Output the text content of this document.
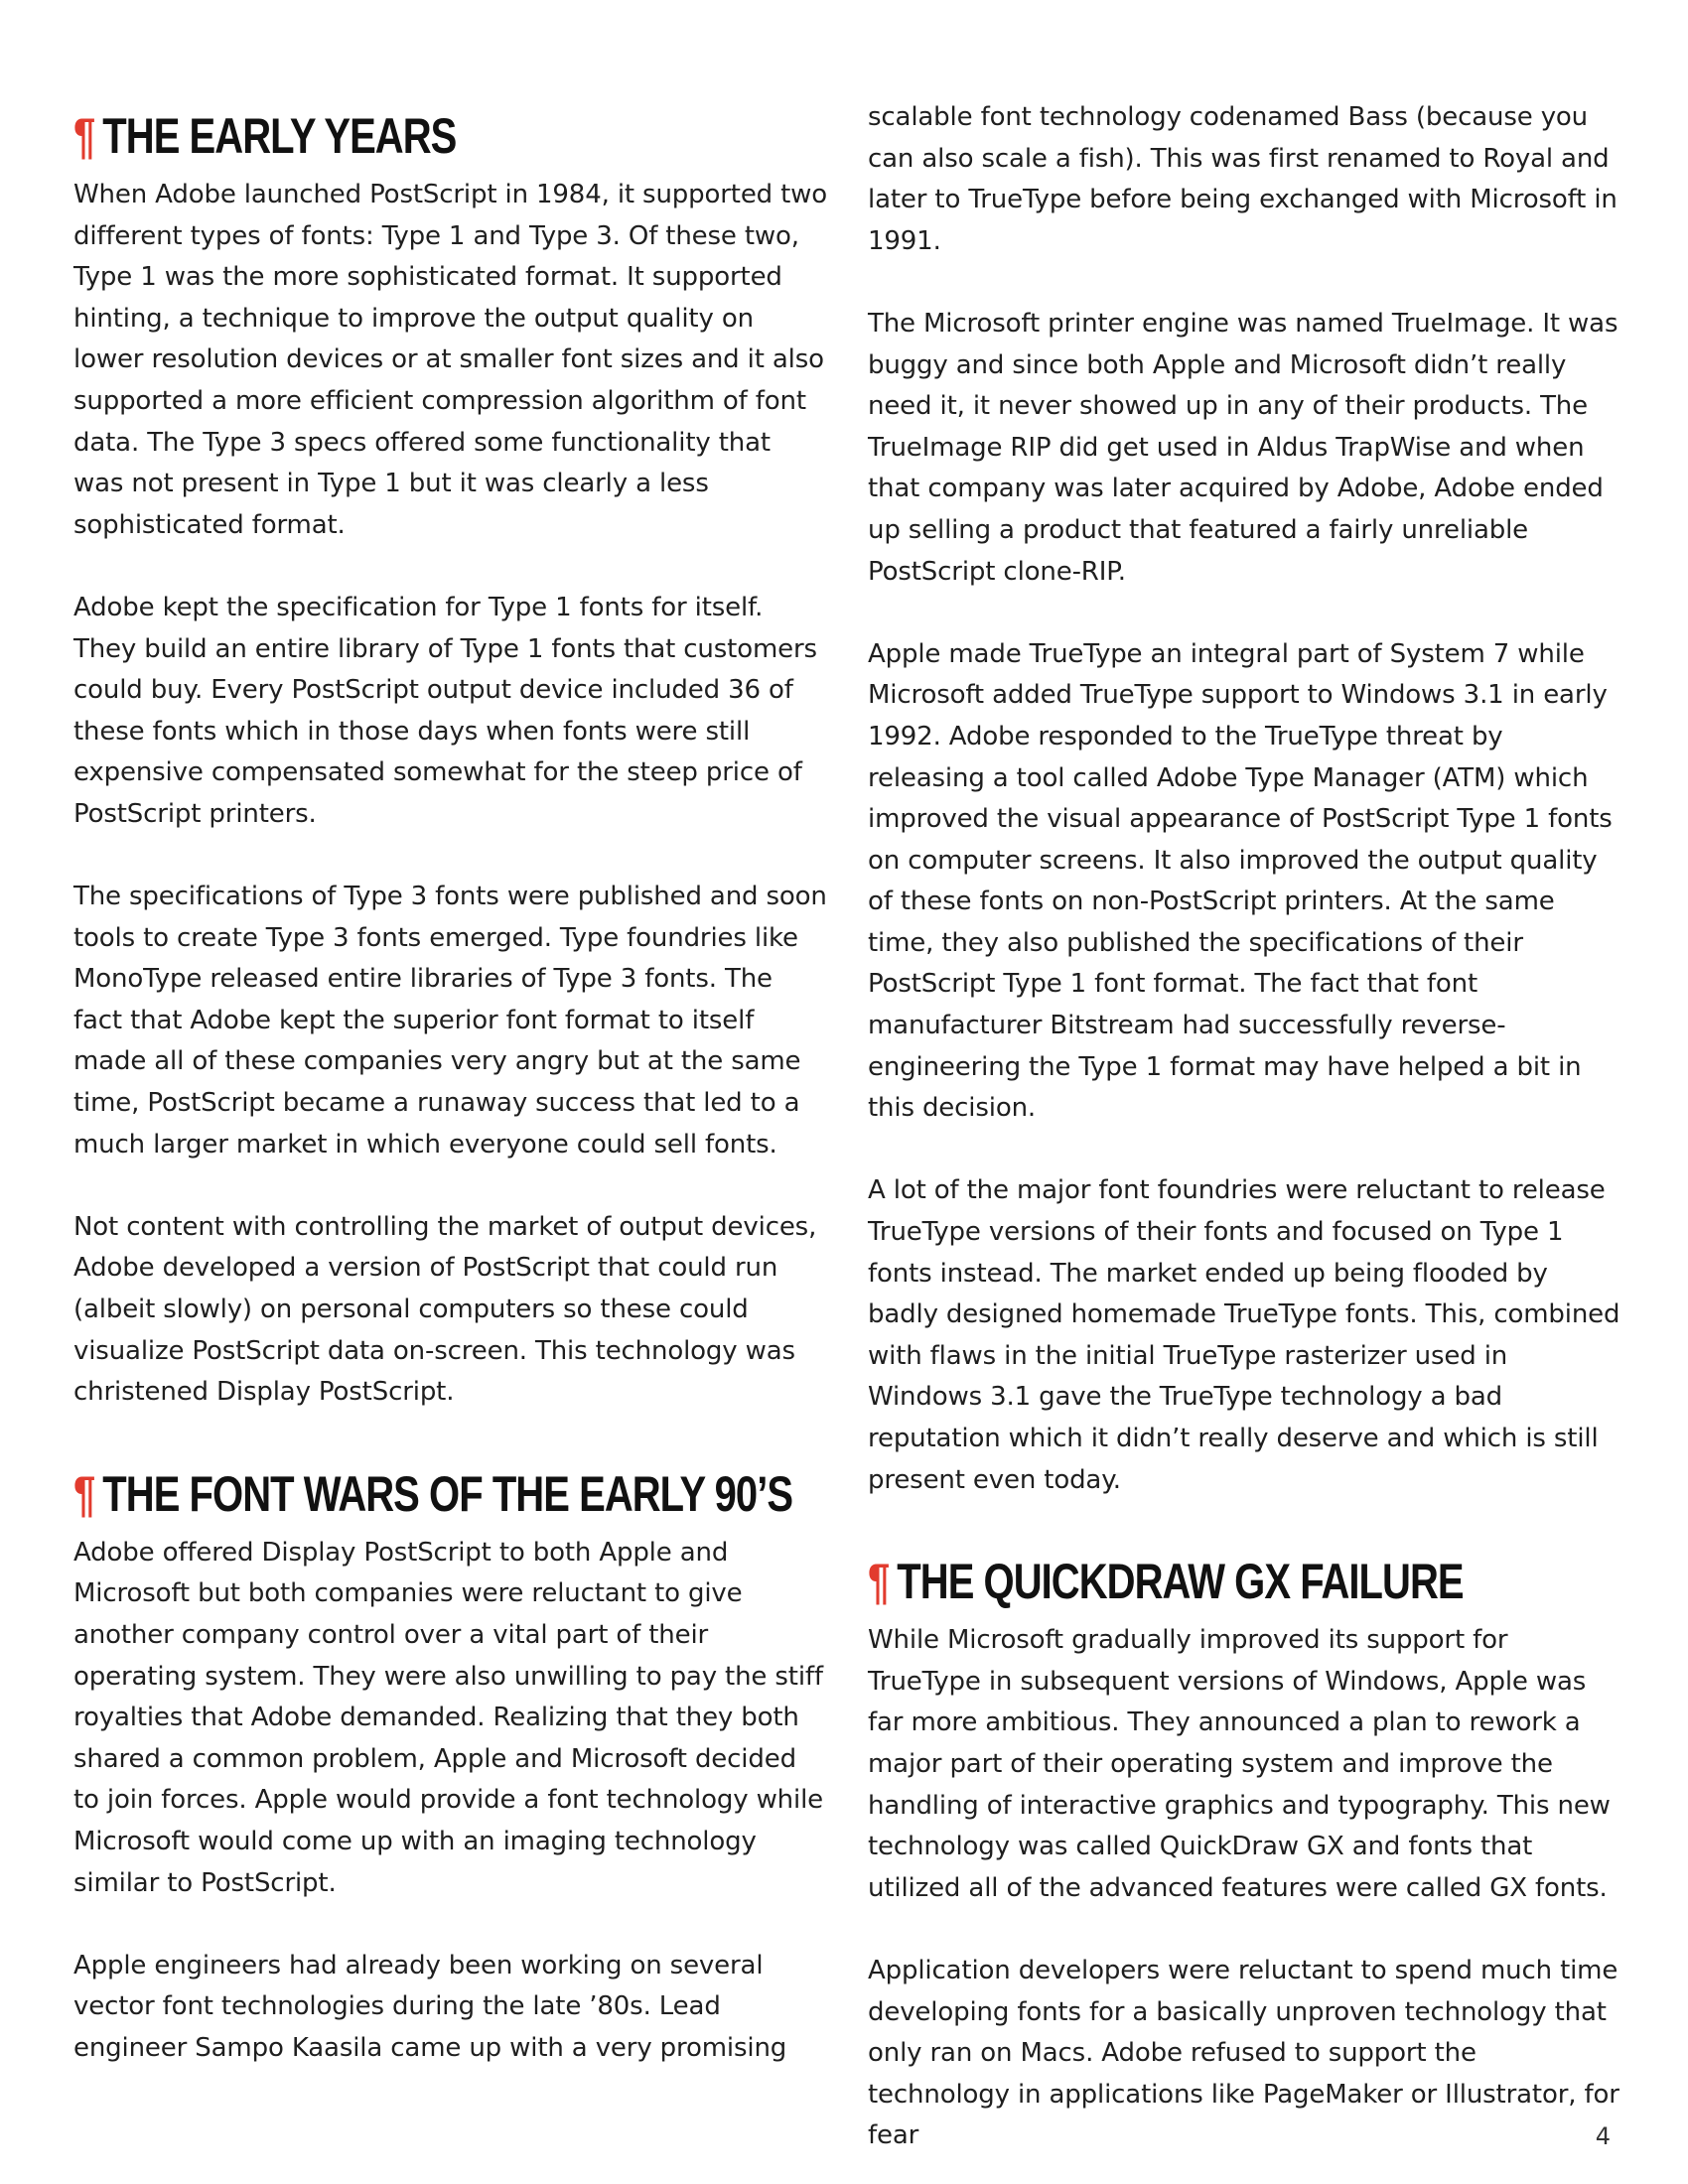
¶ THE EARLY YEARS

When Adobe launched PostScript in 1984, it supported two different types of fonts: Type 1 and Type 3. Of these two, Type 1 was the more sophisticated format. It supported hinting, a technique to improve the output quality on lower resolution devices or at smaller font sizes and it also supported a more efficient compression algorithm of font data. The Type 3 specs offered some functionality that was not present in Type 1 but it was clearly a less sophisticated format.

Adobe kept the specification for Type 1 fonts for itself. They build an entire library of Type 1 fonts that customers could buy. Every PostScript output device included 36 of these fonts which in those days when fonts were still expensive compensated somewhat for the steep price of PostScript printers.

The specifications of Type 3 fonts were published and soon tools to create Type 3 fonts emerged. Type foundries like MonoType released entire libraries of Type 3 fonts. The fact that Adobe kept the superior font format to itself made all of these companies very angry but at the same time, PostScript became a runaway success that led to a much larger market in which everyone could sell fonts.

Not content with controlling the market of output devices, Adobe developed a version of PostScript that could run (albeit slowly) on personal computers so these could visualize PostScript data on-screen. This technology was christened Display PostScript.

¶ THE FONT WARS OF THE EARLY 90’S

Adobe offered Display PostScript to both Apple and Microsoft but both companies were reluctant to give another company control over a vital part of their operating system. They were also unwilling to pay the stiff royalties that Adobe demanded. Realizing that they both shared a common problem, Apple and Microsoft decided to join forces. Apple would provide a font technology while Microsoft would come up with an imaging technology similar to PostScript.

Apple engineers had already been working on several vector font technologies during the late ’80s. Lead engineer Sampo Kaasila came up with a very promising

scalable font technology codenamed Bass (because you can also scale a fish). This was first renamed to Royal and later to TrueType before being exchanged with Microsoft in 1991.

The Microsoft printer engine was named TrueImage. It was buggy and since both Apple and Microsoft didn’t really need it, it never showed up in any of their products. The TrueImage RIP did get used in Aldus TrapWise and when that company was later acquired by Adobe, Adobe ended up selling a product that featured a fairly unreliable PostScript clone-RIP.

Apple made TrueType an integral part of System 7 while Microsoft added TrueType support to Windows 3.1 in early 1992. Adobe responded to the TrueType threat by releasing a tool called Adobe Type Manager (ATM) which improved the visual appearance of PostScript Type 1 fonts on computer screens. It also improved the output quality of these fonts on non-PostScript printers. At the same time, they also published the specifications of their PostScript Type 1 font format. The fact that font manufacturer Bitstream had successfully reverse-engineering the Type 1 format may have helped a bit in this decision.

A lot of the major font foundries were reluctant to release TrueType versions of their fonts and focused on Type 1 fonts instead. The market ended up being flooded by badly designed homemade TrueType fonts. This, combined with flaws in the initial TrueType rasterizer used in Windows 3.1 gave the TrueType technology a bad reputation which it didn’t really deserve and which is still present even today.

¶ THE QUICKDRAW GX FAILURE

While Microsoft gradually improved its support for TrueType in subsequent versions of Windows, Apple was far more ambitious. They announced a plan to rework a major part of their operating system and improve the handling of interactive graphics and typography. This new technology was called QuickDraw GX and fonts that utilized all of the advanced features were called GX fonts.

Application developers were reluctant to spend much time developing fonts for a basically unproven technology that only ran on Macs. Adobe refused to support the technology in applications like PageMaker or Illustrator, for fear	4
